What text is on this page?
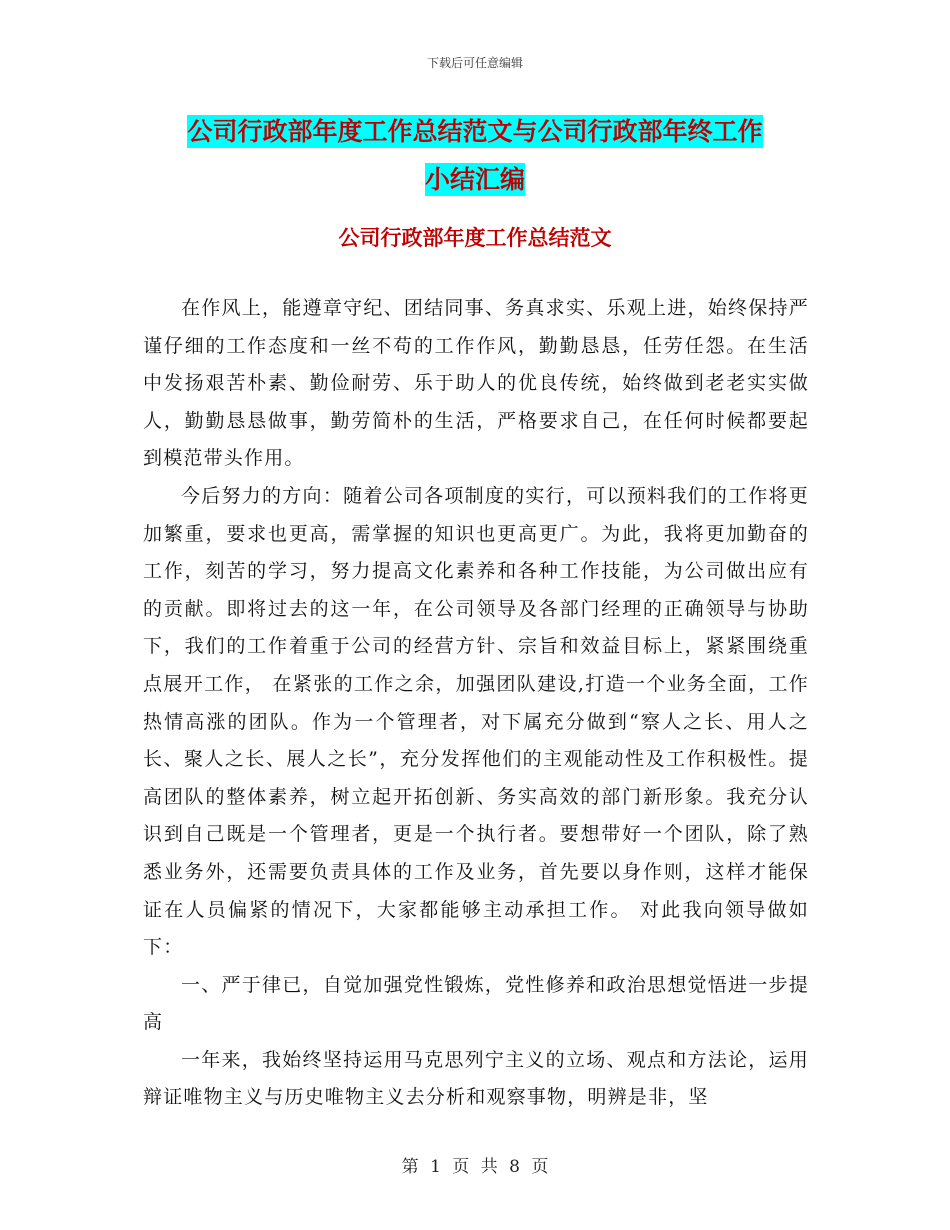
下载后可任意编辑
公司行政部年度工作总结范文与公司行政部年终工作
小结汇编
公司行政部年度工作总结范文

在作风上，能遵章守纪、团结同事、务真求实、乐观上进，始终保持严谨仔细的工作态度和一丝不苟的工作作风，勤勤恳恳，任劳任怨。在生活中发扬艰苦朴素、勤俭耐劳、乐于助人的优良传统，始终做到老老实实做人，勤勤恳恳做事，勤劳简朴的生活，严格要求自己，在任何时候都要起到模范带头作用。

今后努力的方向：随着公司各项制度的实行，可以预料我们的工作将更加繁重，要求也更高，需掌握的知识也更高更广。为此，我将更加勤奋的工作，刻苦的学习，努力提高文化素养和各种工作技能，为公司做出应有的贡献。即将过去的这一年，在公司领导及各部门经理的正确领导与协助下，我们的工作着重于公司的经营方针、宗旨和效益目标上，紧紧围绕重点展开工作， 在紧张的工作之余，加强团队建设,打造一个业务全面，工作热情高涨的团队。作为一个管理者，对下属充分做到“察人之长、用人之长、聚人之长、展人之长”，充分发挥他们的主观能动性及工作积极性。提高团队的整体素养，树立起开拓创新、务实高效的部门新形象。我充分认识到自己既是一个管理者，更是一个执行者。要想带好一个团队，除了熟悉业务外，还需要负责具体的工作及业务，首先要以身作则，这样才能保证在人员偏紧的情况下，大家都能够主动承担工作。 对此我向领导做如下：

一、严于律已，自觉加强党性锻炼，党性修养和政治思想觉悟进一步提高

一年来，我始终坚持运用马克思列宁主义的立场、观点和方法论，运用辩证唯物主义与历史唯物主义去分析和观察事物，明辨是非，坚

第 1 页 共 8 页
